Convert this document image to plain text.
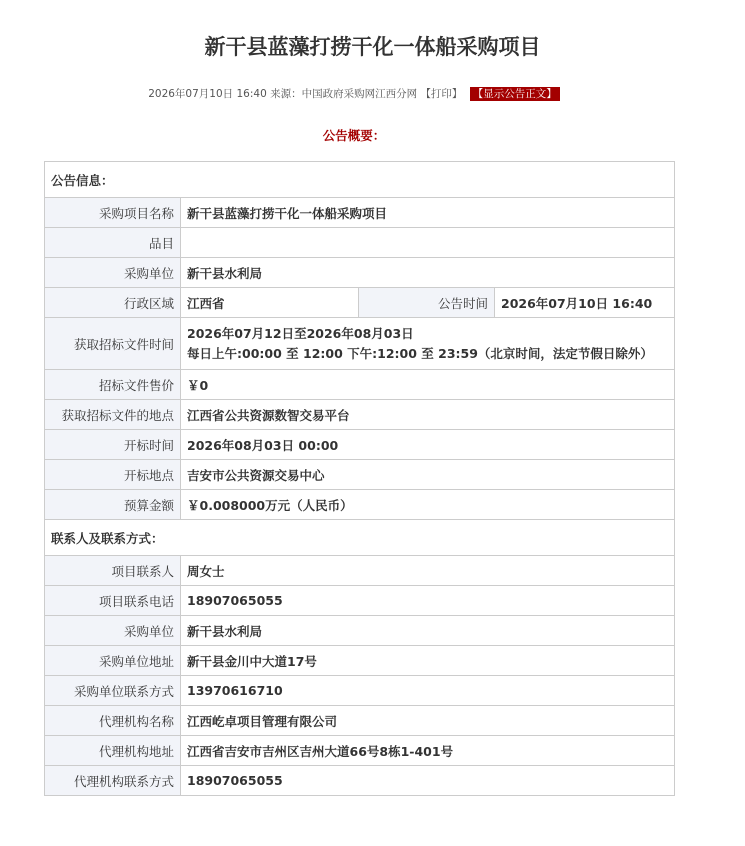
新干县蓝藻打捞干化一体船采购项目
2026年07月10日 16:40 来源：中国政府采购网江西分网 【打印】 【显示公告正文】
公告概要：
公告信息：			
采购项目名称	新干县蓝藻打捞干化一体船采购项目		
品目			
采购单位	新干县水利局		
行政区域	江西省	公告时间	2026年07月10日 16:40
获取招标文件时间	2026年07月12日至2026年08月03日
每日上午:00:00 至 12:00 下午:12:00 至 23:59（北京时间，法定节假日除外）		

招标文件售价	￥0		
获取招标文件的地点	江西省公共资源数智交易平台		
开标时间	2026年08月03日 00:00		
开标地点	吉安市公共资源交易中心		
预算金额	￥0.008000万元（人民币）		
联系人及联系方式：			
项目联系人	周女士		
项目联系电话	18907065055		
采购单位	新干县水利局		
采购单位地址	新干县金川中大道17号		
采购单位联系方式	13970616710		
代理机构名称	江西屹卓项目管理有限公司		
代理机构地址	江西省吉安市吉州区吉州大道66号8栋1-401号		
代理机构联系方式	18907065055		
